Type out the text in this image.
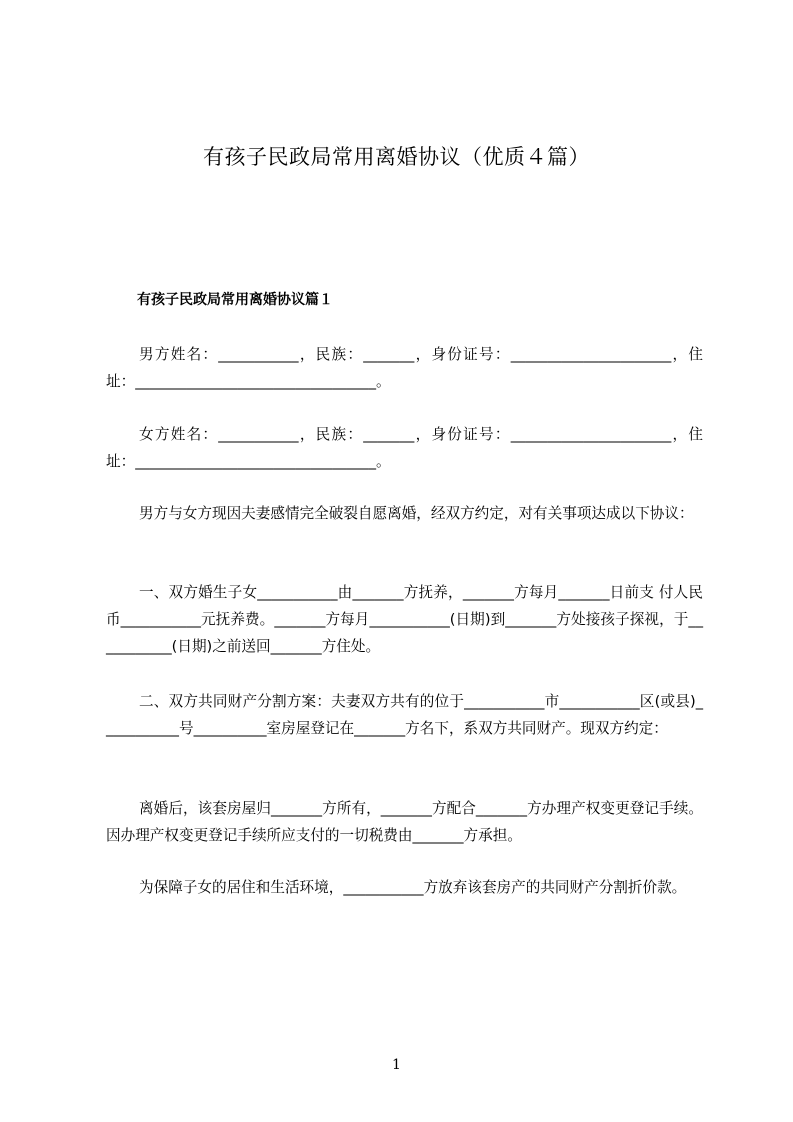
有孩子民政局常用离婚协议（优质４篇）
有孩子民政局常用离婚协议篇１
男方姓名：___________，民族：_______，身份证号：______________________，住址：_________________________________。
女方姓名：___________，民族：_______，身份证号：______________________，住址：_________________________________。
男方与女方现因夫妻感情完全破裂自愿离婚，经双方约定，对有关事项达成以下协议：
一、双方婚生子女___________由_______方抚养，_______方每月_______日前支 付人民币___________元抚养费。_______方每月___________(日期)到_______方处接孩子探视，于___________(日期)之前送回_______方住处。
二、双方共同财产分割方案：夫妻双方共有的位于___________市___________区(或县)___________号__________室房屋登记在_______方名下，系双方共同财产。现双方约定：
离婚后，该套房屋归_______方所有，_______方配合_______方办理产权变更登记手续。因办理产权变更登记手续所应支付的一切税费由_______方承担。
为保障子女的居住和生活环境，___________方放弃该套房产的共同财产分割折价款。
1
